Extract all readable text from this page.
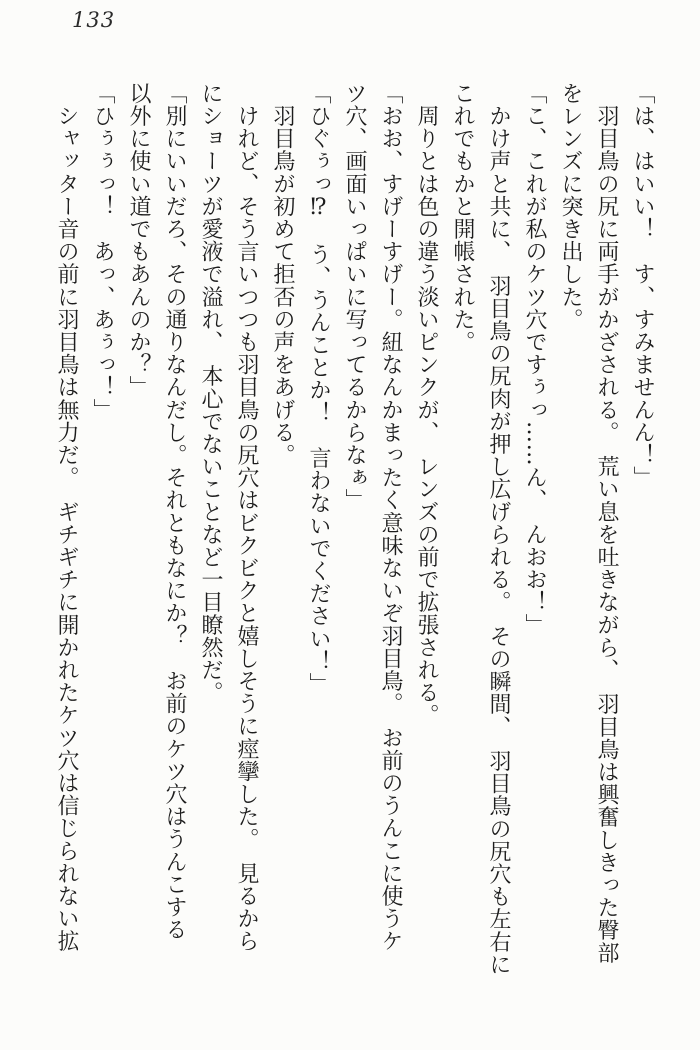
133

「は、はいい！　す、すみませんん！」

　羽目鳥の尻に両手がかざされる。　荒い息を吐きながら、　羽目鳥は興奮しきった臀部

をレンズに突き出した。

「こ、これが私のケツ穴ですぅっ……ん、　んおお！」

　かけ声と共に、　羽目鳥の尻肉が押し広げられる。　その瞬間、　羽目鳥の尻穴も左右に

これでもかと開帳された。

　周りとは色の違う淡いピンクが、　レンズの前で拡張される。

「おお、すげーすげー。紐なんかまったく意味ないぞ羽目鳥。　お前のうんこに使うケ

ツ穴、画面いっぱいに写ってるからなぁ」

「ひぐぅっ⁉　う、うんことか！　言わないでください！」

　羽目鳥が初めて拒否の声をあげる。

　けれど、そう言いつつも羽目鳥の尻穴はビクビクと嬉しそうに痙攣した。　見るから

にショーツが愛液で溢れ、　本心でないことなど一目瞭然だ。

「別にいいだろ、その通りなんだし。それともなにか？　お前のケツ穴はうんこする

以外に使い道でもあんのか？」

「ひぅぅっ！　あっ、あぅっ！」

　シャッター音の前に羽目鳥は無力だ。　ギチギチに開かれたケツ穴は信じられない拡
